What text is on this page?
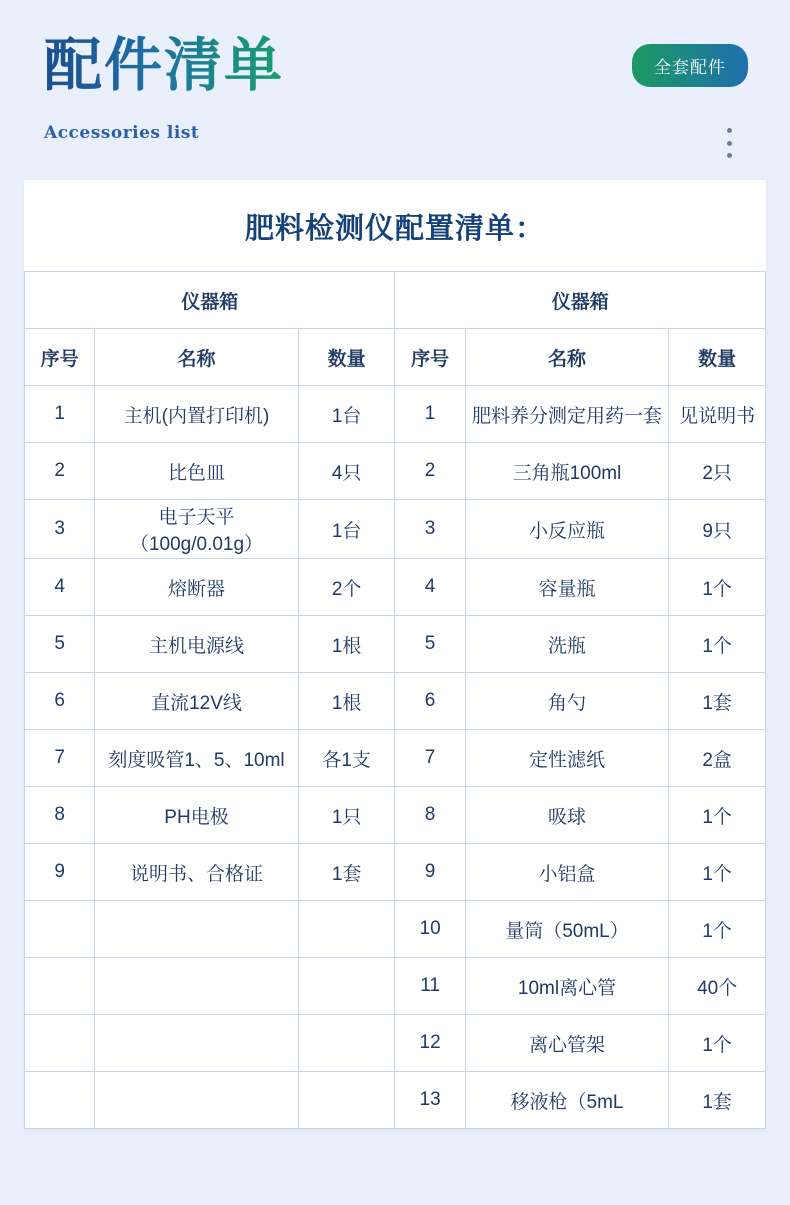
配件清单
Accessories list
全套配件
肥料检测仪配置清单：
仪器箱			仪器箱		
序号	名称	数量	序号	名称	数量
1	主机(内置打印机)	1台	1	肥料养分测定用药一套	见说明书
2	比色皿	4只	2	三角瓶100ml	2只
3	电子天平（100g/0.01g）	1台	3	小反应瓶	9只
4	熔断器	2个	4	容量瓶	1个
5	主机电源线	1根	5	洗瓶	1个
6	直流12V线	1根	6	角勺	1套
7	刻度吸管1、5、10ml	各1支	7	定性滤纸	2盒
8	PH电极	1只	8	吸球	1个
9	说明书、合格证	1套	9	小铝盒	1个
			10	量筒（50mL）	1个
			11	10ml离心管	40个
			12	离心管架	1个
			13	移液枪（5mL	1套
